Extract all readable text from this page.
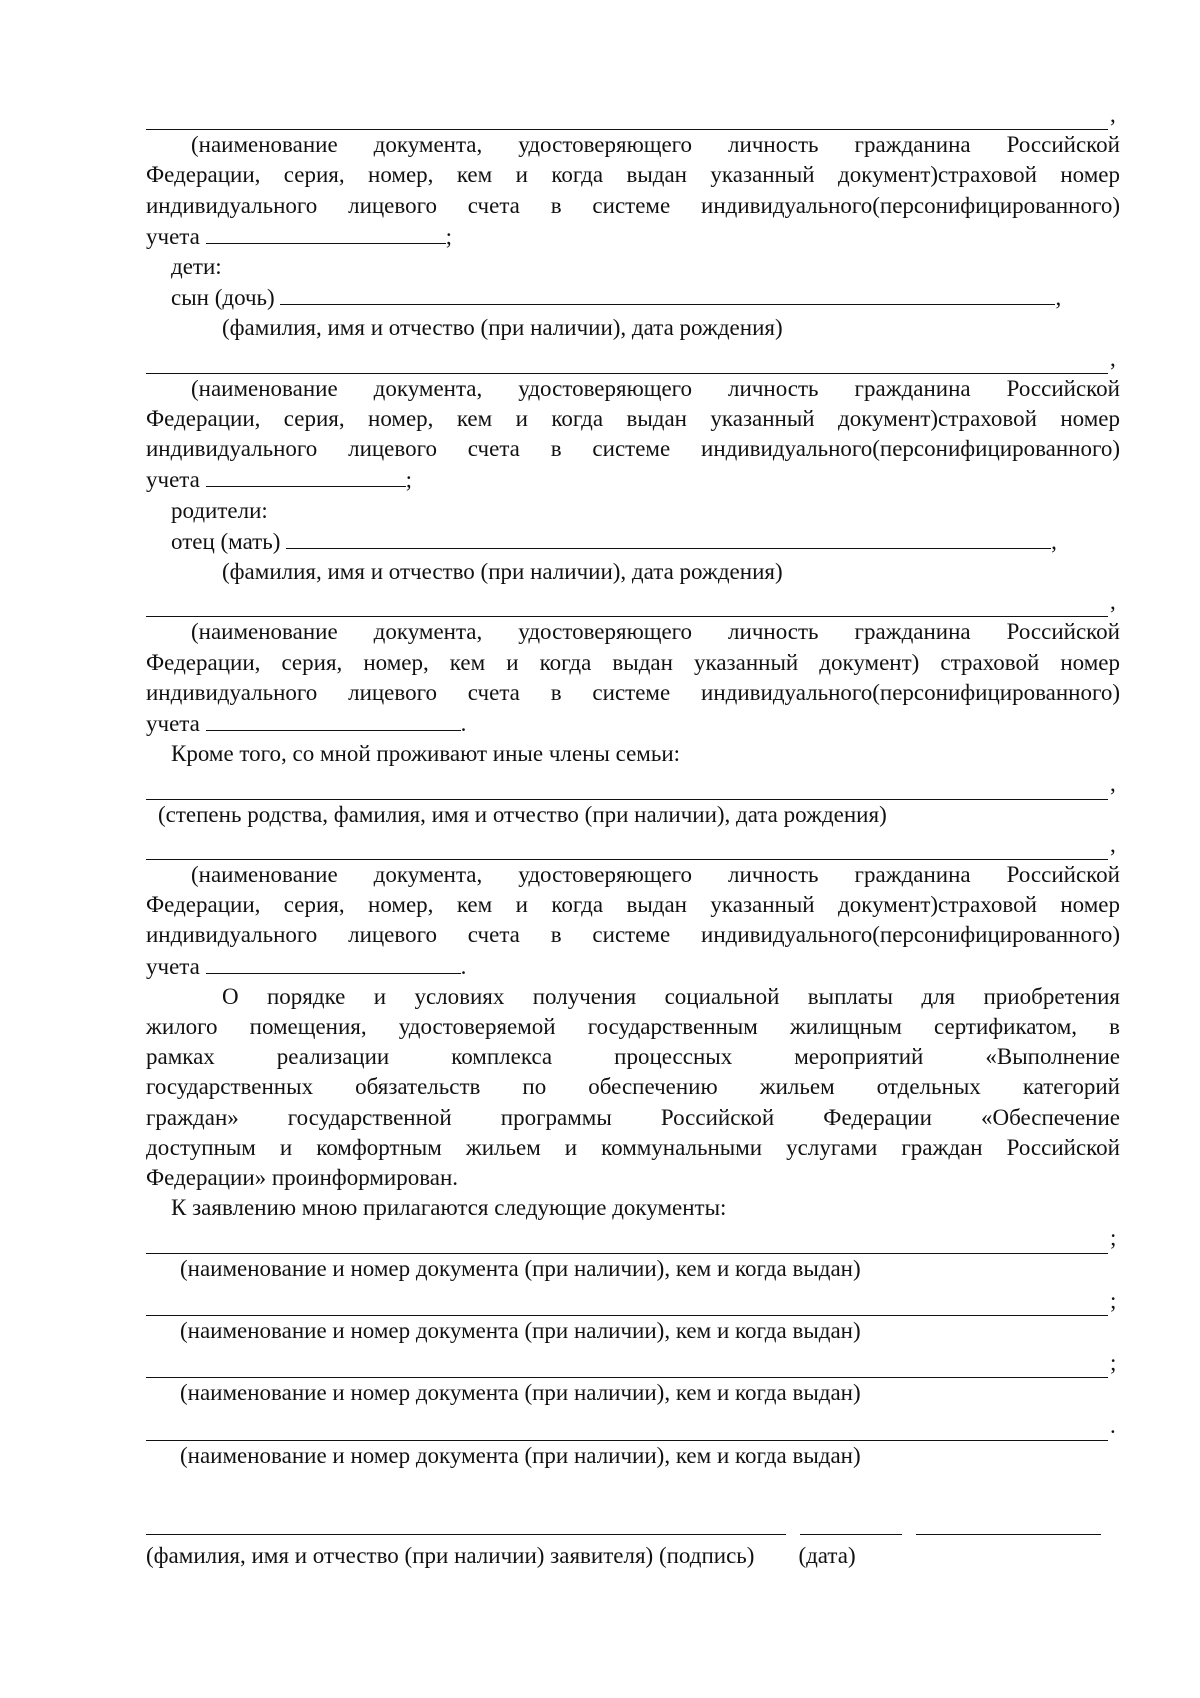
,
(наименование документа, удостоверяющего личность гражданина Российской
Федерации, серия, номер, кем и когда выдан указанный документ)страховой номер
индивидуального лицевого счета в системе индивидуального(персонифицированного)
учета	;
дети:
сын (дочь)	,
(фамилия, имя и отчество (при наличии), дата рождения)
,
(наименование документа, удостоверяющего личность гражданина Российской
Федерации, серия, номер, кем и когда выдан указанный документ)страховой номер
индивидуального лицевого счета в системе индивидуального(персонифицированного)
учета	;
родители:
отец (мать)	,
(фамилия, имя и отчество (при наличии), дата рождения)
,
(наименование документа, удостоверяющего личность гражданина Российской
Федерации, серия, номер, кем и когда выдан указанный документ) страховой номер
индивидуального лицевого счета в системе индивидуального(персонифицированного)
учета	.
Кроме того, со мной проживают иные члены семьи:
,
(степень родства, фамилия, имя и отчество (при наличии), дата рождения)
,
(наименование документа, удостоверяющего личность гражданина Российской
Федерации, серия, номер, кем и когда выдан указанный документ)страховой номер
индивидуального лицевого счета в системе индивидуального(персонифицированного)
учета	.
О порядке и условиях получения социальной выплаты для приобретения
жилого помещения, удостоверяемой государственным жилищным сертификатом, в
рамках реализации комплекса процессных мероприятий «Выполнение
государственных обязательств по обеспечению жильем отдельных категорий
граждан» государственной программы Российской Федерации «Обеспечение
доступным и комфортным жильем и коммунальными услугами граждан Российской
Федерации» проинформирован.
К заявлению мною прилагаются следующие документы:
;
(наименование и номер документа (при наличии), кем и когда выдан)
;
(наименование и номер документа (при наличии), кем и когда выдан)
;
(наименование и номер документа (при наличии), кем и когда выдан)
.
(наименование и номер документа (при наличии), кем и когда выдан)
(фамилия, имя и отчество (при наличии) заявителя) (подпись) (дата)
